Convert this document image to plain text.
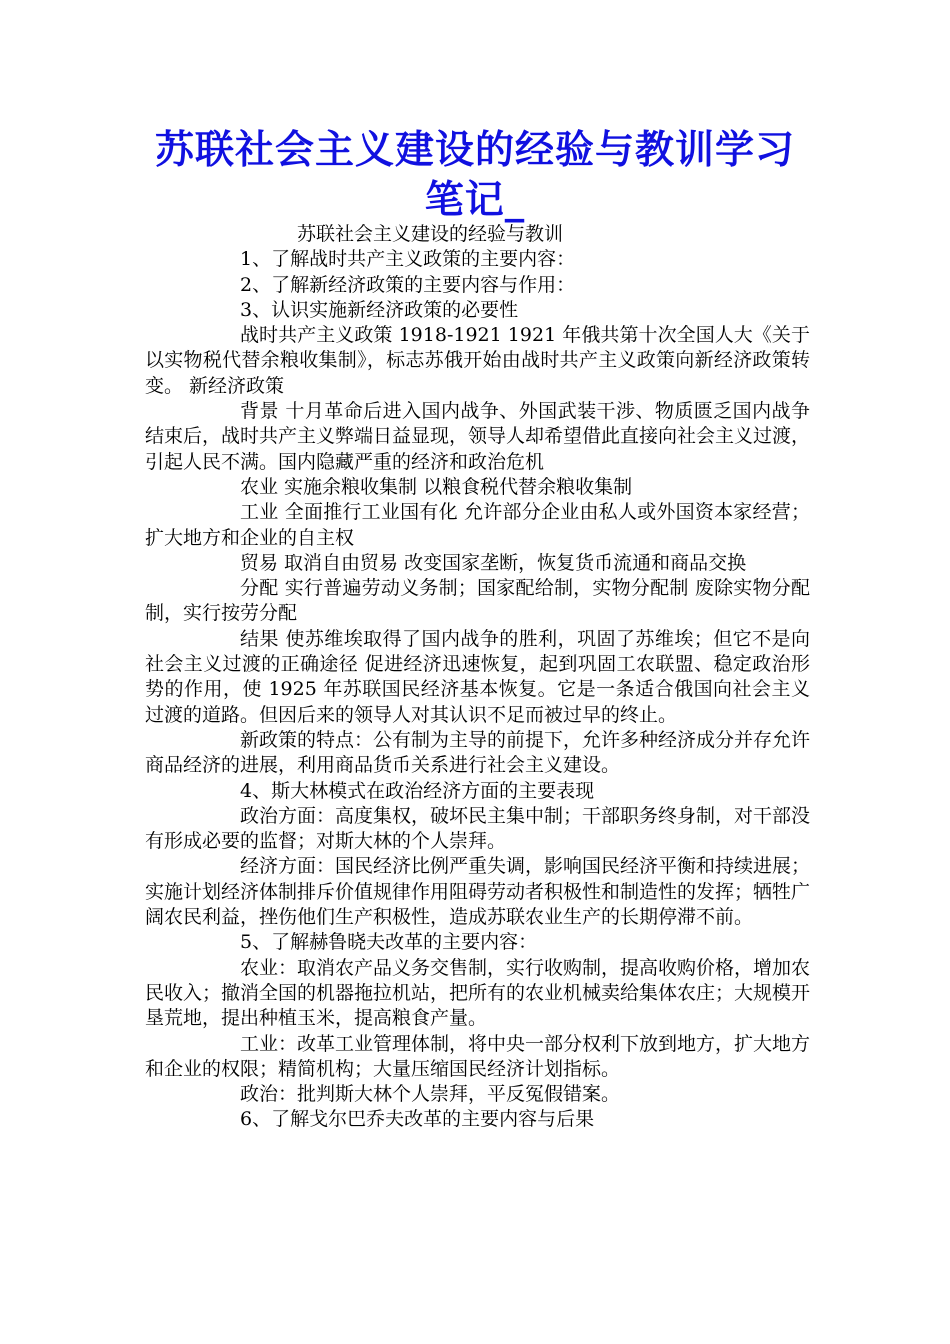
苏联社会主义建设的经验与教训学习笔记_

苏联社会主义建设的经验与教训

1、了解战时共产主义政策的主要内容：

2、了解新经济政策的主要内容与作用：

3、认识实施新经济政策的必要性

战时共产主义政策 1918-1921 1921 年俄共第十次全国人大《关于以实物税代替余粮收集制》，标志苏俄开始由战时共产主义政策向新经济政策转变。 新经济政策

背景 十月革命后进入国内战争、外国武装干涉、物质匮乏国内战争结束后，战时共产主义弊端日益显现，领导人却希望借此直接向社会主义过渡，引起人民不满。国内隐藏严重的经济和政治危机

农业 实施余粮收集制 以粮食税代替余粮收集制

工业 全面推行工业国有化 允许部分企业由私人或外国资本家经营；扩大地方和企业的自主权

贸易 取消自由贸易 改变国家垄断，恢复货币流通和商品交换

分配 实行普遍劳动义务制；国家配给制，实物分配制 废除实物分配制，实行按劳分配

结果 使苏维埃取得了国内战争的胜利，巩固了苏维埃；但它不是向社会主义过渡的正确途径 促进经济迅速恢复，起到巩固工农联盟、稳定政治形势的作用，使 1925 年苏联国民经济基本恢复。它是一条适合俄国向社会主义过渡的道路。但因后来的领导人对其认识不足而被过早的终止。

新政策的特点：公有制为主导的前提下，允许多种经济成分并存允许商品经济的进展，利用商品货币关系进行社会主义建设。

4、斯大林模式在政治经济方面的主要表现

政治方面：高度集权，破坏民主集中制；干部职务终身制，对干部没有形成必要的监督；对斯大林的个人崇拜。

经济方面：国民经济比例严重失调，影响国民经济平衡和持续进展；实施计划经济体制排斥价值规律作用阻碍劳动者积极性和制造性的发挥；牺牲广阔农民利益，挫伤他们生产积极性，造成苏联农业生产的长期停滞不前。

5、了解赫鲁晓夫改革的主要内容：

农业：取消农产品义务交售制，实行收购制，提高收购价格，增加农民收入；撤消全国的机器拖拉机站，把所有的农业机械卖给集体农庄；大规模开垦荒地，提出种植玉米，提高粮食产量。

工业：改革工业管理体制，将中央一部分权利下放到地方，扩大地方和企业的权限；精简机构；大量压缩国民经济计划指标。

政治：批判斯大林个人崇拜，平反冤假错案。

6、了解戈尔巴乔夫改革的主要内容与后果
